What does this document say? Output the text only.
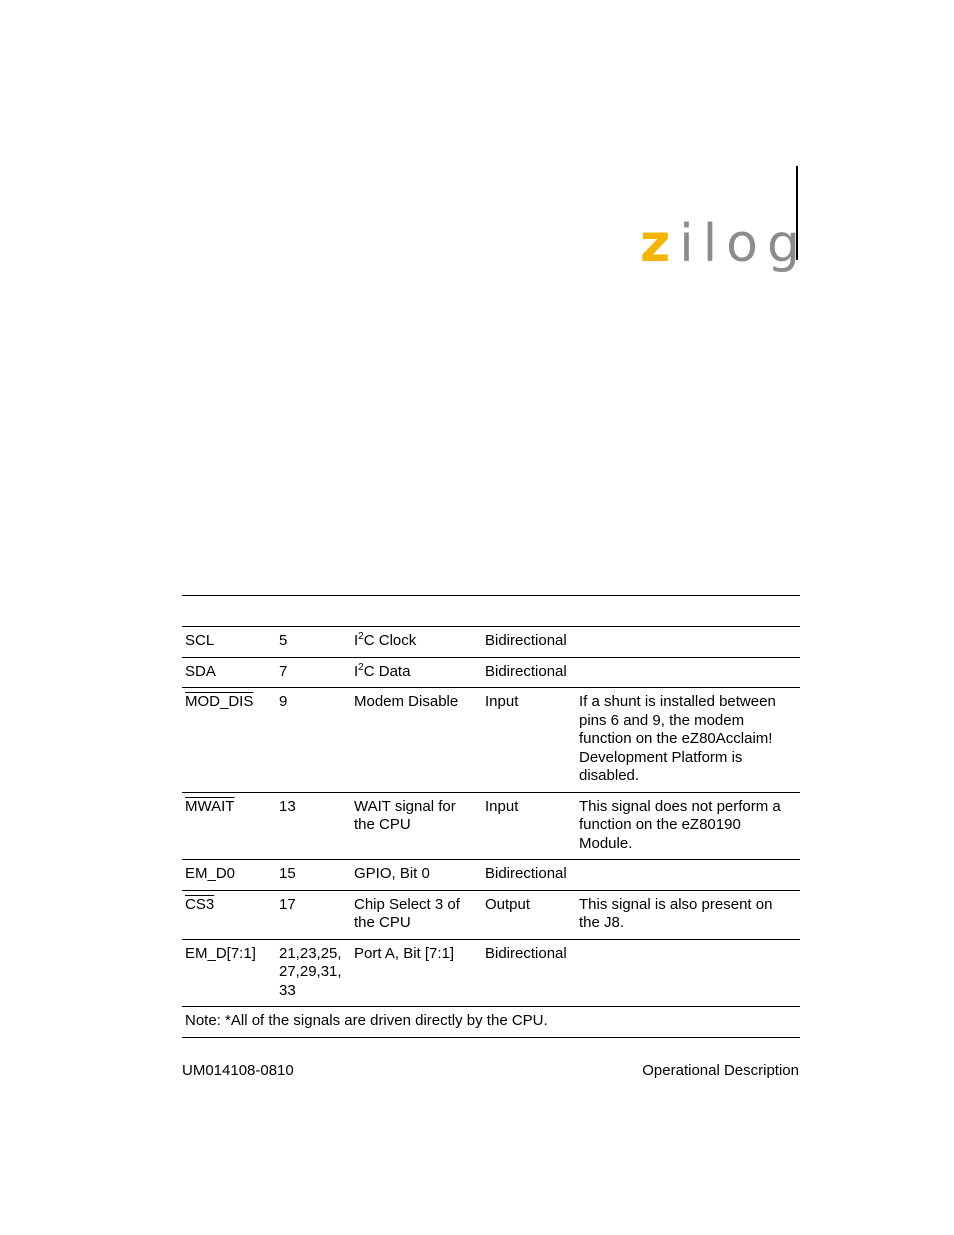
zilog
SCL	5	$I^2C$ Clock	Bidirectional	
SDA	7	$I^2C$ Data	Bidirectional	
MOD_DIS	9	Modem Disable	Input	If a shunt is installed between pins 6 and 9, the modem function on the eZ80Acclaim! Development Platform is disabled.
MWAIT	13	WAIT signal for the CPU	Input	This signal does not perform a function on the eZ80190 Module.
EM_D0	15	GPIO, Bit 0	Bidirectional	
CS3	17	Chip Select 3 of the CPU	Output	This signal is also present on the J8.
EM_D[7:1]	21,23,25, 27,29,31, 33	Port A, Bit [7:1]	Bidirectional	
Note: *All of the signals are driven directly by the CPU.				
UM014108-0810	Operational Description
